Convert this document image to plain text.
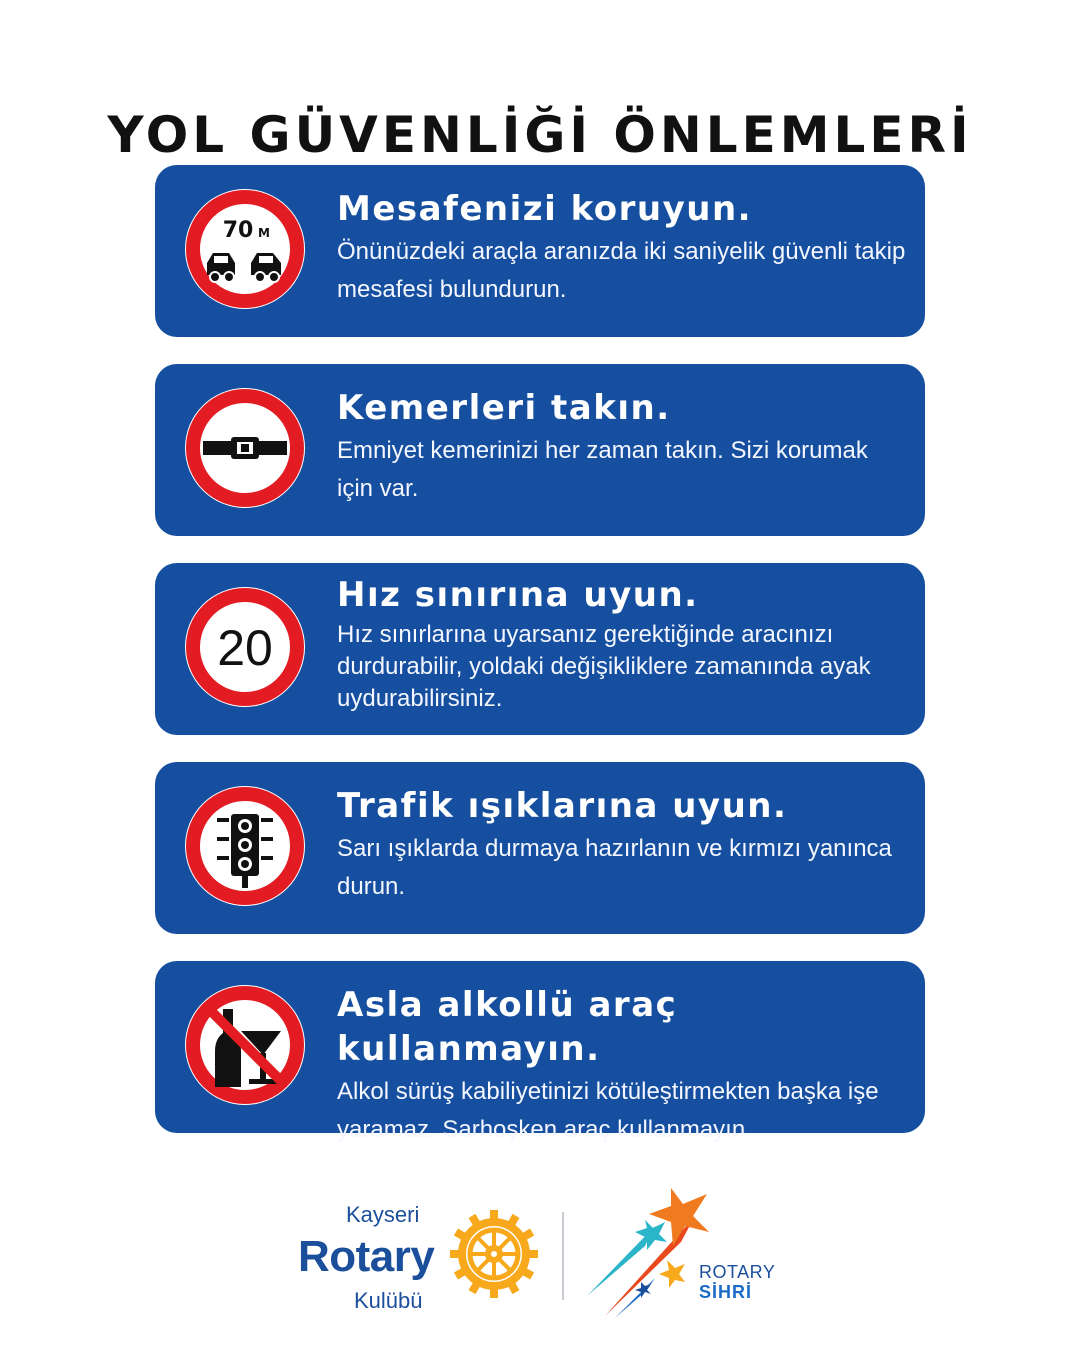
YOL GÜVENLİĞİ ÖNLEMLERİ
70 M
Mesafenizi koruyun.
Önünüzdeki araçla aranızda iki saniyelik güvenli takip mesafesi bulundurun.
Kemerleri takın.
Emniyet kemerinizi her zaman takın. Sizi korumak için var.
20
Hız sınırına uyun.
Hız sınırlarına uyarsanız gerektiğinde aracınızı durdurabilir, yoldaki değişikliklere zamanında ayak uydurabilirsiniz.
Trafik ışıklarına uyun.
Sarı ışıklarda durmaya hazırlanın ve kırmızı yanınca durun.
Asla alkollü araç kullanmayın.
Alkol sürüş kabiliyetinizi kötüleştirmekten başka işe yaramaz. Sarhoşken araç kullanmayın.
Kayseri
Rotary
Kulübü
ROTARY
SİHRİ
